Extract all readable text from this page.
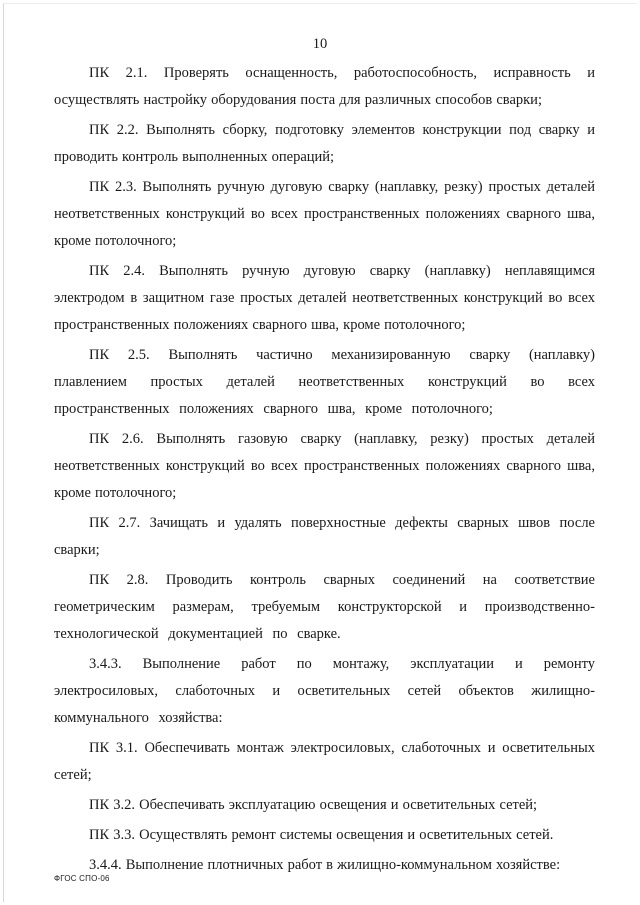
10

ПК 2.1. Проверять оснащенность, работоспособность, исправность и осуществлять настройку оборудования поста для различных способов сварки;

ПК 2.2. Выполнять сборку, подготовку элементов конструкции под сварку и проводить контроль выполненных операций;

ПК 2.3. Выполнять ручную дуговую сварку (наплавку, резку) простых деталей неответственных конструкций во всех пространственных положениях сварного шва, кроме потолочного;

ПК 2.4. Выполнять ручную дуговую сварку (наплавку) неплавящимся электродом в защитном газе простых деталей неответственных конструкций во всех пространственных положениях сварного шва, кроме потолочного;

ПК 2.5. Выполнять частично механизированную сварку (наплавку) плавлением простых деталей неответственных конструкций во всех пространственных положениях сварного шва, кроме потолочного;

ПК 2.6. Выполнять газовую сварку (наплавку, резку) простых деталей неответственных конструкций во всех пространственных положениях сварного шва, кроме потолочного;

ПК 2.7. Зачищать и удалять поверхностные дефекты сварных швов после сварки;

ПК 2.8. Проводить контроль сварных соединений на соответствие геометрическим размерам, требуемым конструкторской и производственно-технологической документацией по сварке.

3.4.3. Выполнение работ по монтажу, эксплуатации и ремонту электросиловых, слаботочных и осветительных сетей объектов жилищно-коммунального хозяйства:

ПК 3.1. Обеспечивать монтаж электросиловых, слаботочных и осветительных сетей;

ПК 3.2. Обеспечивать эксплуатацию освещения и осветительных сетей;

ПК 3.3. Осуществлять ремонт системы освещения и осветительных сетей.

3.4.4. Выполнение плотничных работ в жилищно-коммунальном хозяйстве:

ФГОС СПО-06
